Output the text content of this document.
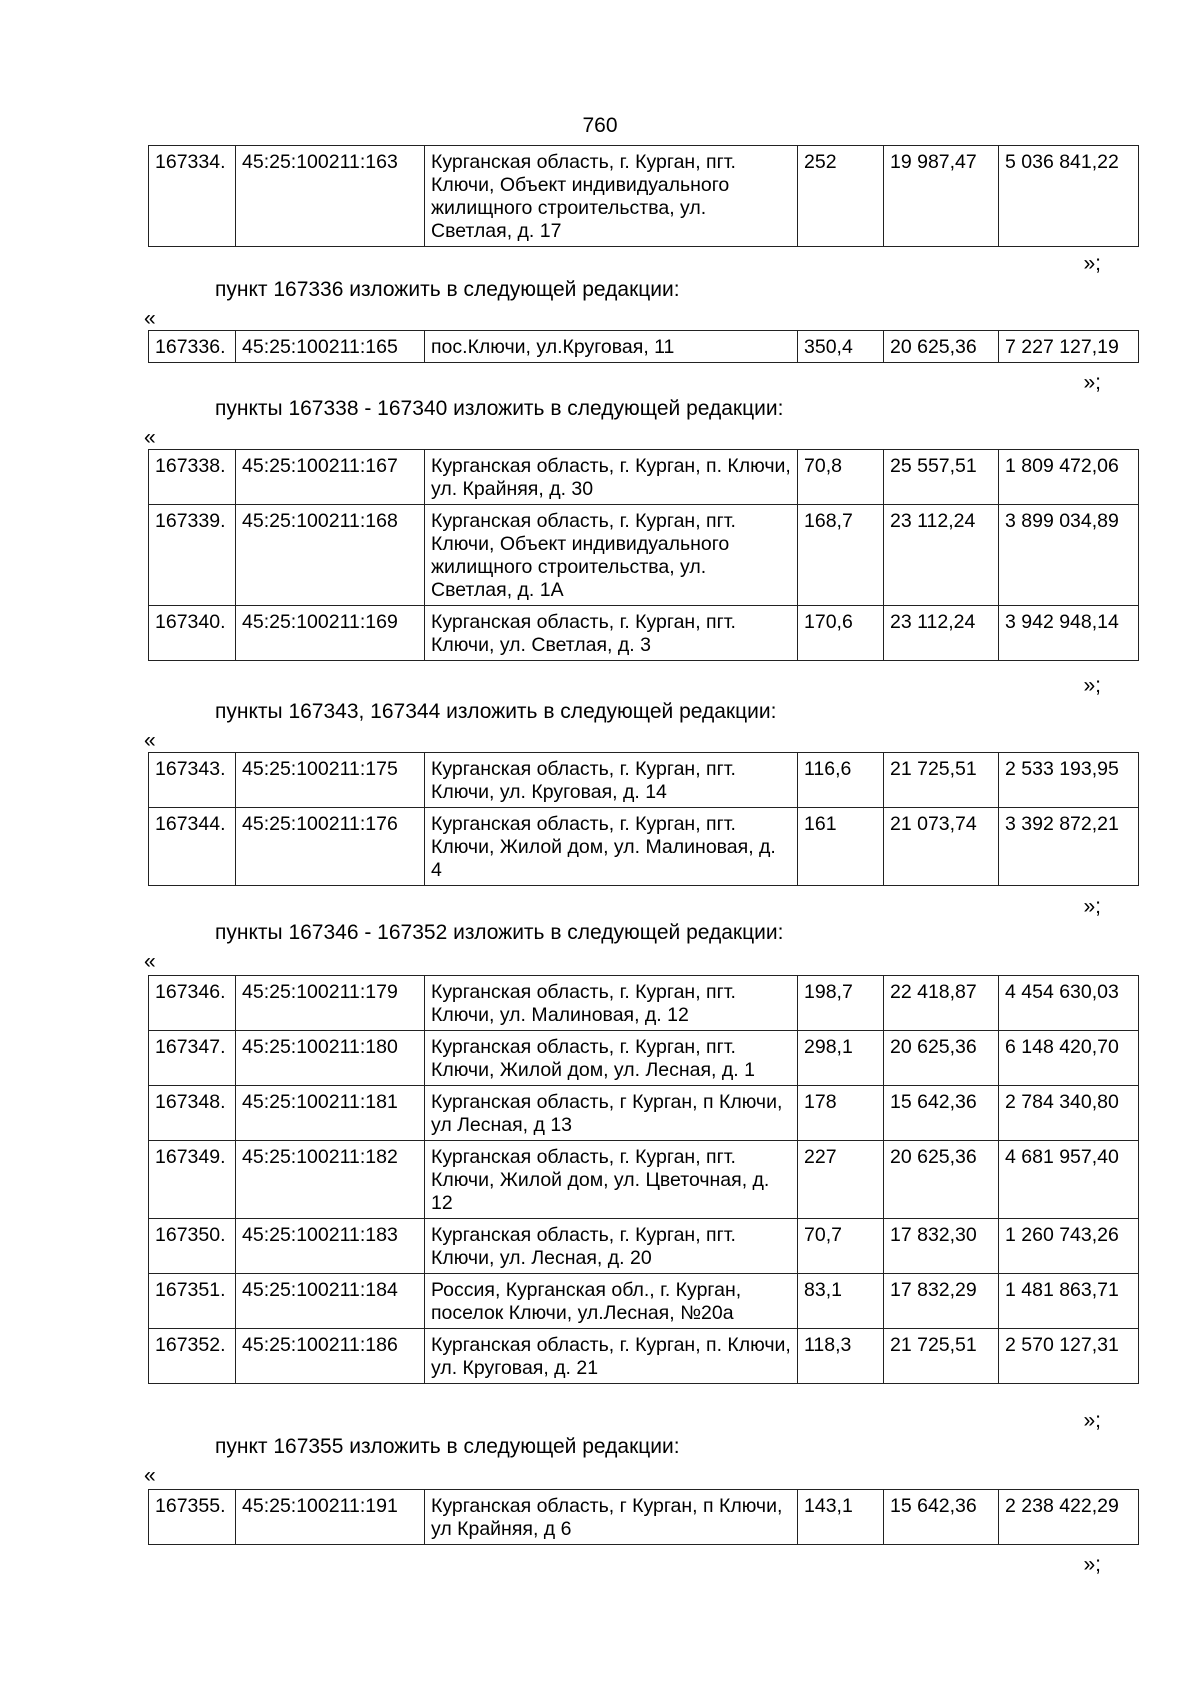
760
167334.	45:25:100211:163	Курганская область, г. Курган, пгт. Ключи, Объект индивидуального жилищного строительства, ул. Светлая, д. 17	252	19 987,47	5 036 841,22
»;
пункт 167336 изложить в следующей редакции:
«
167336.	45:25:100211:165	пос.Ключи, ул.Круговая, 11	350,4	20 625,36	7 227 127,19
»;
пункты 167338 - 167340 изложить в следующей редакции:
«
167338.	45:25:100211:167	Курганская область, г. Курган, п. Ключи, ул. Крайняя, д. 30	70,8	25 557,51	1 809 472,06
167339.	45:25:100211:168	Курганская область, г. Курган, пгт. Ключи, Объект индивидуального жилищного строительства, ул. Светлая, д. 1А	168,7	23 112,24	3 899 034,89
167340.	45:25:100211:169	Курганская область, г. Курган, пгт. Ключи, ул. Светлая, д. 3	170,6	23 112,24	3 942 948,14
»;
пункты 167343, 167344 изложить в следующей редакции:
«
167343.	45:25:100211:175	Курганская область, г. Курган, пгт. Ключи, ул. Круговая, д. 14	116,6	21 725,51	2 533 193,95
167344.	45:25:100211:176	Курганская область, г. Курган, пгт. Ключи, Жилой дом, ул. Малиновая, д. 4	161	21 073,74	3 392 872,21
»;
пункты 167346 - 167352 изложить в следующей редакции:
«
167346.	45:25:100211:179	Курганская область, г. Курган, пгт. Ключи, ул. Малиновая, д. 12	198,7	22 418,87	4 454 630,03
167347.	45:25:100211:180	Курганская область, г. Курган, пгт. Ключи, Жилой дом, ул. Лесная, д. 1	298,1	20 625,36	6 148 420,70
167348.	45:25:100211:181	Курганская область, г Курган, п Ключи, ул Лесная, д 13	178	15 642,36	2 784 340,80
167349.	45:25:100211:182	Курганская область, г. Курган, пгт. Ключи, Жилой дом, ул. Цветочная, д. 12	227	20 625,36	4 681 957,40
167350.	45:25:100211:183	Курганская область, г. Курган, пгт. Ключи, ул. Лесная, д. 20	70,7	17 832,30	1 260 743,26
167351.	45:25:100211:184	Россия, Курганская обл., г. Курган, поселок Ключи, ул.Лесная, №20а	83,1	17 832,29	1 481 863,71
167352.	45:25:100211:186	Курганская область, г. Курган, п. Ключи, ул. Круговая, д. 21	118,3	21 725,51	2 570 127,31
»;
пункт 167355 изложить в следующей редакции:
«
167355.	45:25:100211:191	Курганская область, г Курган, п Ключи, ул Крайняя, д 6	143,1	15 642,36	2 238 422,29
»;
